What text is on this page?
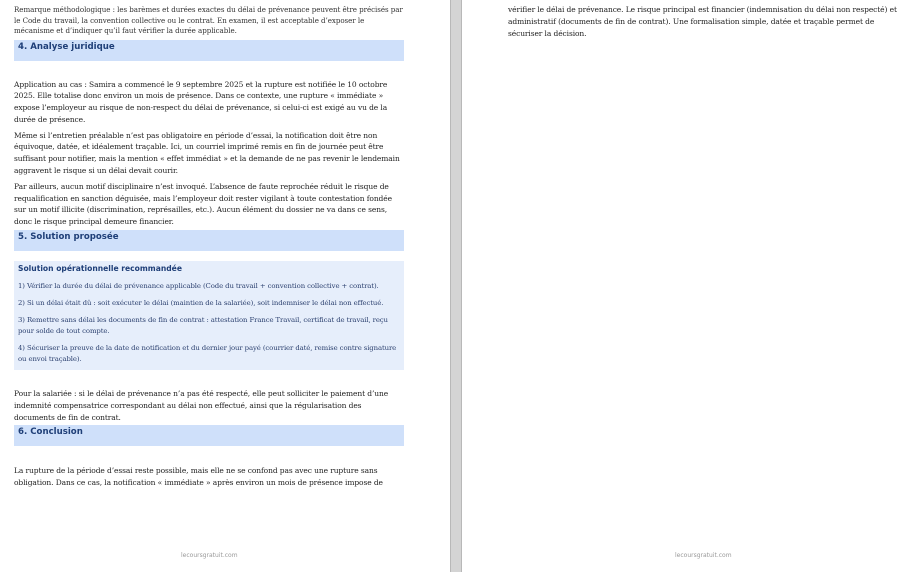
Remarque méthodologique : les barèmes et durées exactes du délai de prévenance peuvent être précisés par le Code du travail, la convention collective ou le contrat. En examen, il est acceptable d’exposer le mécanisme et d’indiquer qu’il faut vérifier la durée applicable.

4. Analyse juridique

Application au cas : Samira a commencé le 9 septembre 2025 et la rupture est notifiée le 10 octobre 2025. Elle totalise donc environ un mois de présence. Dans ce contexte, une rupture « immédiate » expose l’employeur au risque de non-respect du délai de prévenance, si celui-ci est exigé au vu de la durée de présence.

Même si l’entretien préalable n’est pas obligatoire en période d’essai, la notification doit être non équivoque, datée, et idéalement traçable. Ici, un courriel imprimé remis en fin de journée peut être suffisant pour notifier, mais la mention « effet immédiat » et la demande de ne pas revenir le lendemain aggravent le risque si un délai devait courir.

Par ailleurs, aucun motif disciplinaire n’est invoqué. L’absence de faute reprochée réduit le risque de requalification en sanction déguisée, mais l’employeur doit rester vigilant à toute contestation fondée sur un motif illicite (discrimination, représailles, etc.). Aucun élément du dossier ne va dans ce sens, donc le risque principal demeure financier.

5. Solution proposée
Solution opérationnelle recommandée
1) Vérifier la durée du délai de prévenance applicable (Code du travail + convention collective + contrat).
2) Si un délai était dû : soit exécuter le délai (maintien de la salariée), soit indemniser le délai non effectué.
3) Remettre sans délai les documents de fin de contrat : attestation France Travail, certificat de travail, reçu pour solde de tout compte.
4) Sécuriser la preuve de la date de notification et du dernier jour payé (courrier daté, remise contre signature ou envoi traçable).

Pour la salariée : si le délai de prévenance n’a pas été respecté, elle peut solliciter le paiement d’une indemnité compensatrice correspondant au délai non effectué, ainsi que la régularisation des documents de fin de contrat.

6. Conclusion

La rupture de la période d’essai reste possible, mais elle ne se confond pas avec une rupture sans obligation. Dans ce cas, la notification « immédiate » après environ un mois de présence impose de

lecoursgratuit.com

vérifier le délai de prévenance. Le risque principal est financier (indemnisation du délai non respecté) et administratif (documents de fin de contrat). Une formalisation simple, datée et traçable permet de sécuriser la décision.

lecoursgratuit.com
